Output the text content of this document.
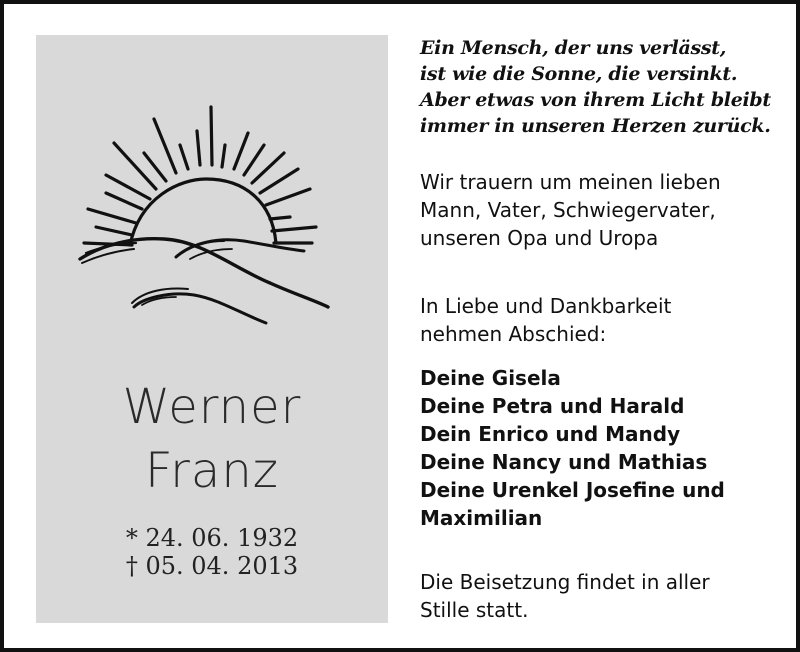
Werner
Franz
* 24. 06. 1932
† 05. 04. 2013
Ein Mensch, der uns verlässt,
ist wie die Sonne, die versinkt.
Aber etwas von ihrem Licht bleibt
immer in unseren Herzen zurück.
Wir trauern um meinen lieben
Mann, Vater, Schwiegervater,
unseren Opa und Uropa
In Liebe und Dankbarkeit
nehmen Abschied:
Deine Gisela
Deine Petra und Harald
Dein Enrico und Mandy
Deine Nancy und Mathias
Deine Urenkel Josefine und
Maximilian
Die Beisetzung findet in aller
Stille statt.
